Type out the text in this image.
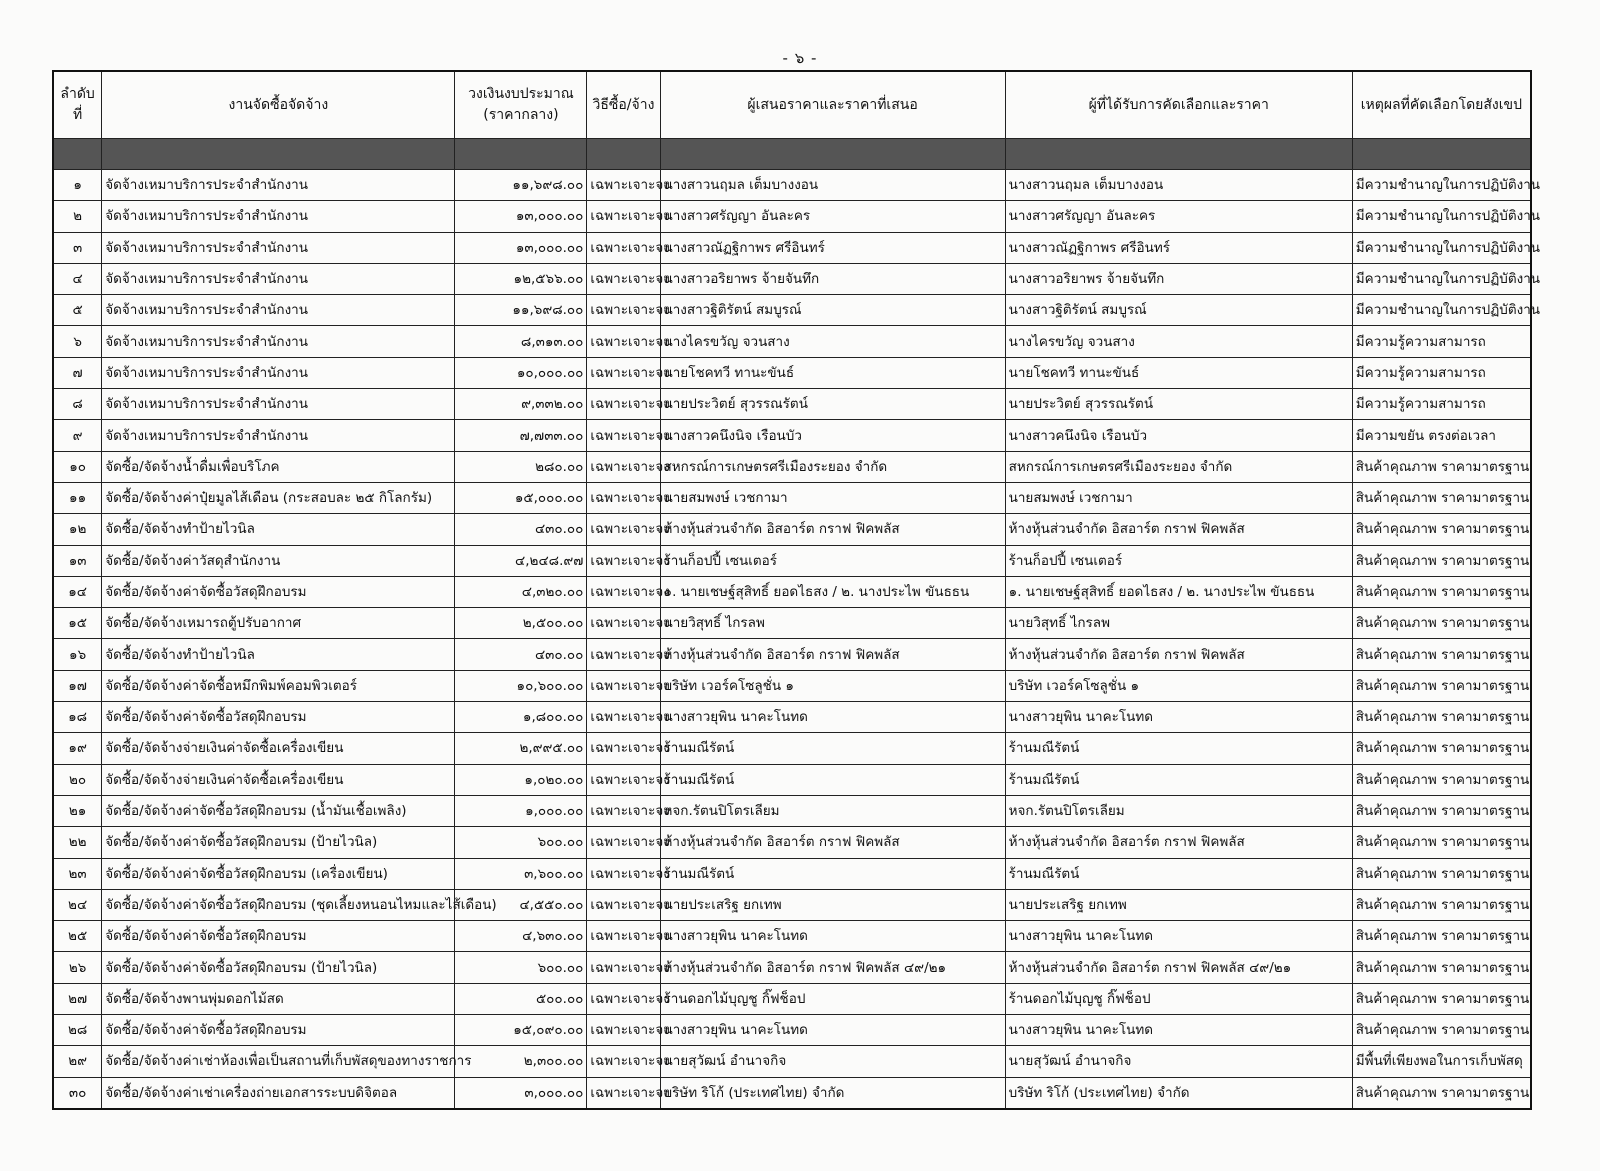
- ๖ -
ลำดับที่	งานจัดซื้อจัดจ้าง	วงเงินงบประมาณ (ราคากลาง)	วิธีซื้อ/จ้าง	ผู้เสนอราคาและราคาที่เสนอ	ผู้ที่ได้รับการคัดเลือกและราคา	เหตุผลที่คัดเลือกโดยสังเขป

๑	จัดจ้างเหมาบริการประจำสำนักงาน	๑๑,๖๙๘.๐๐	เฉพาะเจาะจง	นางสาวนฤมล เต็มบางงอน	นางสาวนฤมล เต็มบางงอน	มีความชำนาญในการปฏิบัติงาน
๒	จัดจ้างเหมาบริการประจำสำนักงาน	๑๓,๐๐๐.๐๐	เฉพาะเจาะจง	นางสาวศรัญญา อันละคร	นางสาวศรัญญา อันละคร	มีความชำนาญในการปฏิบัติงาน
๓	จัดจ้างเหมาบริการประจำสำนักงาน	๑๓,๐๐๐.๐๐	เฉพาะเจาะจง	นางสาวณัฏฐิกาพร ศรีอินทร์	นางสาวณัฏฐิกาพร ศรีอินทร์	มีความชำนาญในการปฏิบัติงาน
๔	จัดจ้างเหมาบริการประจำสำนักงาน	๑๒,๕๖๖.๐๐	เฉพาะเจาะจง	นางสาวอริยาพร จ้ายจันทึก	นางสาวอริยาพร จ้ายจันทึก	มีความชำนาญในการปฏิบัติงาน
๕	จัดจ้างเหมาบริการประจำสำนักงาน	๑๑,๖๙๘.๐๐	เฉพาะเจาะจง	นางสาวฐิติรัตน์ สมบูรณ์	นางสาวฐิติรัตน์ สมบูรณ์	มีความชำนาญในการปฏิบัติงาน
๖	จัดจ้างเหมาบริการประจำสำนักงาน	๘,๓๑๓.๐๐	เฉพาะเจาะจง	นางไครขวัญ จวนสาง	นางไครขวัญ จวนสาง	มีความรู้ความสามารถ
๗	จัดจ้างเหมาบริการประจำสำนักงาน	๑๐,๐๐๐.๐๐	เฉพาะเจาะจง	นายโชคทวี ทานะขันธ์	นายโชคทวี ทานะขันธ์	มีความรู้ความสามารถ
๘	จัดจ้างเหมาบริการประจำสำนักงาน	๙,๓๓๒.๐๐	เฉพาะเจาะจง	นายประวิตย์ สุวรรณรัตน์	นายประวิตย์ สุวรรณรัตน์	มีความรู้ความสามารถ
๙	จัดจ้างเหมาบริการประจำสำนักงาน	๗,๗๓๓.๐๐	เฉพาะเจาะจง	นางสาวคนึงนิจ เรือนบัว	นางสาวคนึงนิจ เรือนบัว	มีความขยัน ตรงต่อเวลา
๑๐	จัดซื้อ/จัดจ้างน้ำดื่มเพื่อบริโภค	๒๘๐.๐๐	เฉพาะเจาะจง	สหกรณ์การเกษตรศรีเมืองระยอง จำกัด	สหกรณ์การเกษตรศรีเมืองระยอง จำกัด	สินค้าคุณภาพ ราคามาตรฐาน
๑๑	จัดซื้อ/จัดจ้างค่าปุ๋ยมูลไส้เดือน (กระสอบละ ๒๕ กิโลกรัม)	๑๕,๐๐๐.๐๐	เฉพาะเจาะจง	นายสมพงษ์ เวชกามา	นายสมพงษ์ เวชกามา	สินค้าคุณภาพ ราคามาตรฐาน
๑๒	จัดซื้อ/จัดจ้างทำป้ายไวนิล	๔๓๐.๐๐	เฉพาะเจาะจง	ห้างหุ้นส่วนจำกัด อิสอาร์ต กราฟ ฟิคพลัส	ห้างหุ้นส่วนจำกัด อิสอาร์ต กราฟ ฟิคพลัส	สินค้าคุณภาพ ราคามาตรฐาน
๑๓	จัดซื้อ/จัดจ้างค่าวัสดุสำนักงาน	๔,๒๔๘.๙๗	เฉพาะเจาะจง	ร้านก็อปปี้ เซนเตอร์	ร้านก็อปปี้ เซนเตอร์	สินค้าคุณภาพ ราคามาตรฐาน
๑๔	จัดซื้อ/จัดจ้างค่าจัดซื้อวัสดุฝึกอบรม	๔,๓๒๐.๐๐	เฉพาะเจาะจง	๑. นายเชษฐ์สุสิทธิ์ ยอดไธสง / ๒. นางประไพ ขันธธน	๑. นายเชษฐ์สุสิทธิ์ ยอดไธสง / ๒. นางประไพ ขันธธน	สินค้าคุณภาพ ราคามาตรฐาน
๑๕	จัดซื้อ/จัดจ้างเหมารถตู้ปรับอากาศ	๒,๕๐๐.๐๐	เฉพาะเจาะจง	นายวิสุทธิ์ ไกรลพ	นายวิสุทธิ์ ไกรลพ	สินค้าคุณภาพ ราคามาตรฐาน
๑๖	จัดซื้อ/จัดจ้างทำป้ายไวนิล	๔๓๐.๐๐	เฉพาะเจาะจง	ห้างหุ้นส่วนจำกัด อิสอาร์ต กราฟ ฟิคพลัส	ห้างหุ้นส่วนจำกัด อิสอาร์ต กราฟ ฟิคพลัส	สินค้าคุณภาพ ราคามาตรฐาน
๑๗	จัดซื้อ/จัดจ้างค่าจัดซื้อหมึกพิมพ์คอมพิวเตอร์	๑๐,๖๐๐.๐๐	เฉพาะเจาะจง	บริษัท เวอร์คโซลูชั่น ๑	บริษัท เวอร์คโซลูชั่น ๑	สินค้าคุณภาพ ราคามาตรฐาน
๑๘	จัดซื้อ/จัดจ้างค่าจัดซื้อวัสดุฝึกอบรม	๑,๘๐๐.๐๐	เฉพาะเจาะจง	นางสาวยุพิน นาคะโนทด	นางสาวยุพิน นาคะโนทด	สินค้าคุณภาพ ราคามาตรฐาน
๑๙	จัดซื้อ/จัดจ้างจ่ายเงินค่าจัดซื้อเครื่องเขียน	๒,๙๙๕.๐๐	เฉพาะเจาะจง	ร้านมณีรัตน์	ร้านมณีรัตน์	สินค้าคุณภาพ ราคามาตรฐาน
๒๐	จัดซื้อ/จัดจ้างจ่ายเงินค่าจัดซื้อเครื่องเขียน	๑,๐๒๐.๐๐	เฉพาะเจาะจง	ร้านมณีรัตน์	ร้านมณีรัตน์	สินค้าคุณภาพ ราคามาตรฐาน
๒๑	จัดซื้อ/จัดจ้างค่าจัดซื้อวัสดุฝึกอบรม (น้ำมันเชื้อเพลิง)	๑,๐๐๐.๐๐	เฉพาะเจาะจง	หจก.รัตนปิโตรเลียม	หจก.รัตนปิโตรเลียม	สินค้าคุณภาพ ราคามาตรฐาน
๒๒	จัดซื้อ/จัดจ้างค่าจัดซื้อวัสดุฝึกอบรม (ป้ายไวนิล)	๖๐๐.๐๐	เฉพาะเจาะจง	ห้างหุ้นส่วนจำกัด อิสอาร์ต กราฟ ฟิคพลัส	ห้างหุ้นส่วนจำกัด อิสอาร์ต กราฟ ฟิคพลัส	สินค้าคุณภาพ ราคามาตรฐาน
๒๓	จัดซื้อ/จัดจ้างค่าจัดซื้อวัสดุฝึกอบรม (เครื่องเขียน)	๓,๖๐๐.๐๐	เฉพาะเจาะจง	ร้านมณีรัตน์	ร้านมณีรัตน์	สินค้าคุณภาพ ราคามาตรฐาน
๒๔	จัดซื้อ/จัดจ้างค่าจัดซื้อวัสดุฝึกอบรม (ชุดเลี้ยงหนอนไหมและไส้เดือน)	๔,๕๕๐.๐๐	เฉพาะเจาะจง	นายประเสริฐ ยกเทพ	นายประเสริฐ ยกเทพ	สินค้าคุณภาพ ราคามาตรฐาน
๒๕	จัดซื้อ/จัดจ้างค่าจัดซื้อวัสดุฝึกอบรม	๔,๖๓๐.๐๐	เฉพาะเจาะจง	นางสาวยุพิน นาคะโนทด	นางสาวยุพิน นาคะโนทด	สินค้าคุณภาพ ราคามาตรฐาน
๒๖	จัดซื้อ/จัดจ้างค่าจัดซื้อวัสดุฝึกอบรม (ป้ายไวนิล)	๖๐๐.๐๐	เฉพาะเจาะจง	ห้างหุ้นส่วนจำกัด อิสอาร์ต กราฟ ฟิคพลัส ๔๙/๒๑	ห้างหุ้นส่วนจำกัด อิสอาร์ต กราฟ ฟิคพลัส ๔๙/๒๑	สินค้าคุณภาพ ราคามาตรฐาน
๒๗	จัดซื้อ/จัดจ้างพานพุ่มดอกไม้สด	๕๐๐.๐๐	เฉพาะเจาะจง	ร้านดอกไม้บุญชู กิ๊ฟช็อป	ร้านดอกไม้บุญชู กิ๊ฟช็อป	สินค้าคุณภาพ ราคามาตรฐาน
๒๘	จัดซื้อ/จัดจ้างค่าจัดซื้อวัสดุฝึกอบรม	๑๕,๐๙๐.๐๐	เฉพาะเจาะจง	นางสาวยุพิน นาคะโนทด	นางสาวยุพิน นาคะโนทด	สินค้าคุณภาพ ราคามาตรฐาน
๒๙	จัดซื้อ/จัดจ้างค่าเช่าห้องเพื่อเป็นสถานที่เก็บพัสดุของทางราชการ	๒,๓๐๐.๐๐	เฉพาะเจาะจง	นายสุวัฒน์ อำนาจกิจ	นายสุวัฒน์ อำนาจกิจ	มีพื้นที่เพียงพอในการเก็บพัสดุ
๓๐	จัดซื้อ/จัดจ้างค่าเช่าเครื่องถ่ายเอกสารระบบดิจิตอล	๓,๐๐๐.๐๐	เฉพาะเจาะจง	บริษัท ริโก้ (ประเทศไทย) จำกัด	บริษัท ริโก้ (ประเทศไทย) จำกัด	สินค้าคุณภาพ ราคามาตรฐาน
